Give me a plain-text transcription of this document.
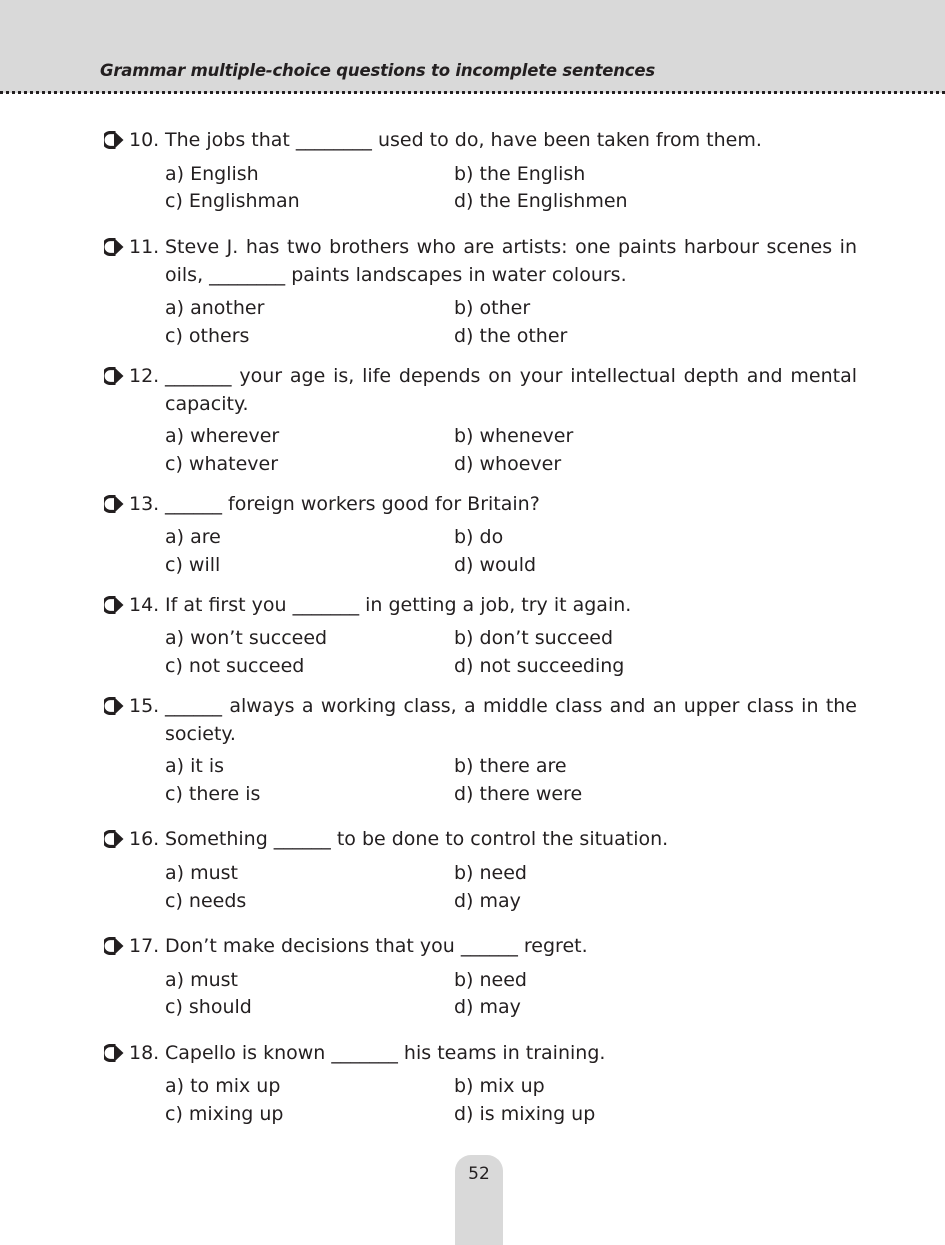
Grammar multiple-choice questions to incomplete sentences
10. The jobs that ________ used to do, have been taken from them.
a) English	b) the English
c) Englishman	d) the Englishmen
11. Steve J. has two brothers who are artists: one paints harbour scenes in oils, ________ paints landscapes in water colours.
a) another	b) other
c) others	d) the other
12. _______ your age is, life depends on your intellectual depth and mental capacity.
a) wherever	b) whenever
c) whatever	d) whoever
13. ______ foreign workers good for Britain?
a) are	b) do
c) will	d) would
14. If at first you _______ in getting a job, try it again.
a) won’t succeed	b) don’t succeed
c) not succeed	d) not succeeding
15. ______ always a working class, a middle class and an upper class in the society.
a) it is	b) there are
c) there is	d) there were
16. Something ______ to be done to control the situation.
a) must	b) need
c) needs	d) may
17. Don’t make decisions that you ______ regret.
a) must	b) need
c) should	d) may
18. Capello is known _______ his teams in training.
a) to mix up	b) mix up
c) mixing up	d) is mixing up
52
